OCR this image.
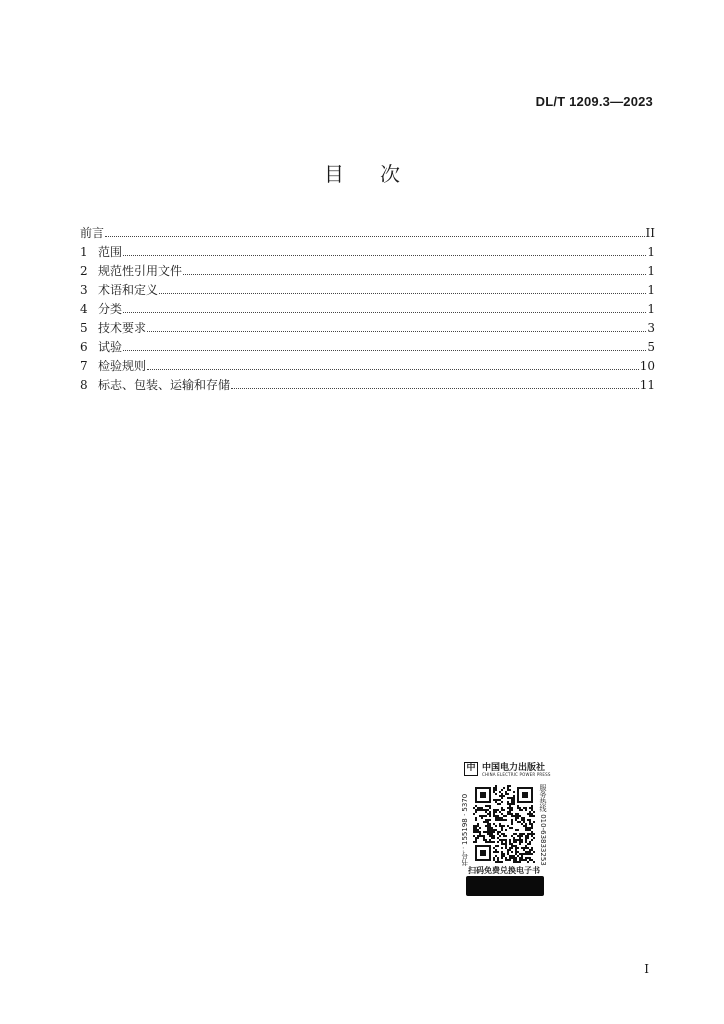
DL/T 1209.3—2023
目次
前言	II
1 范围	1
2 规范性引用文件	1
3 术语和定义	1
4 分类	1
5 技术要求	3
6 试验	5
7 检验规则	10
8 标志、包装、运输和存储	11
中 中国电力出版社
CHINA ELECTRIC POWER PRESS
书号：155198 · 5370	服务热线 010-63833253
扫码免费兑换电子书
I
